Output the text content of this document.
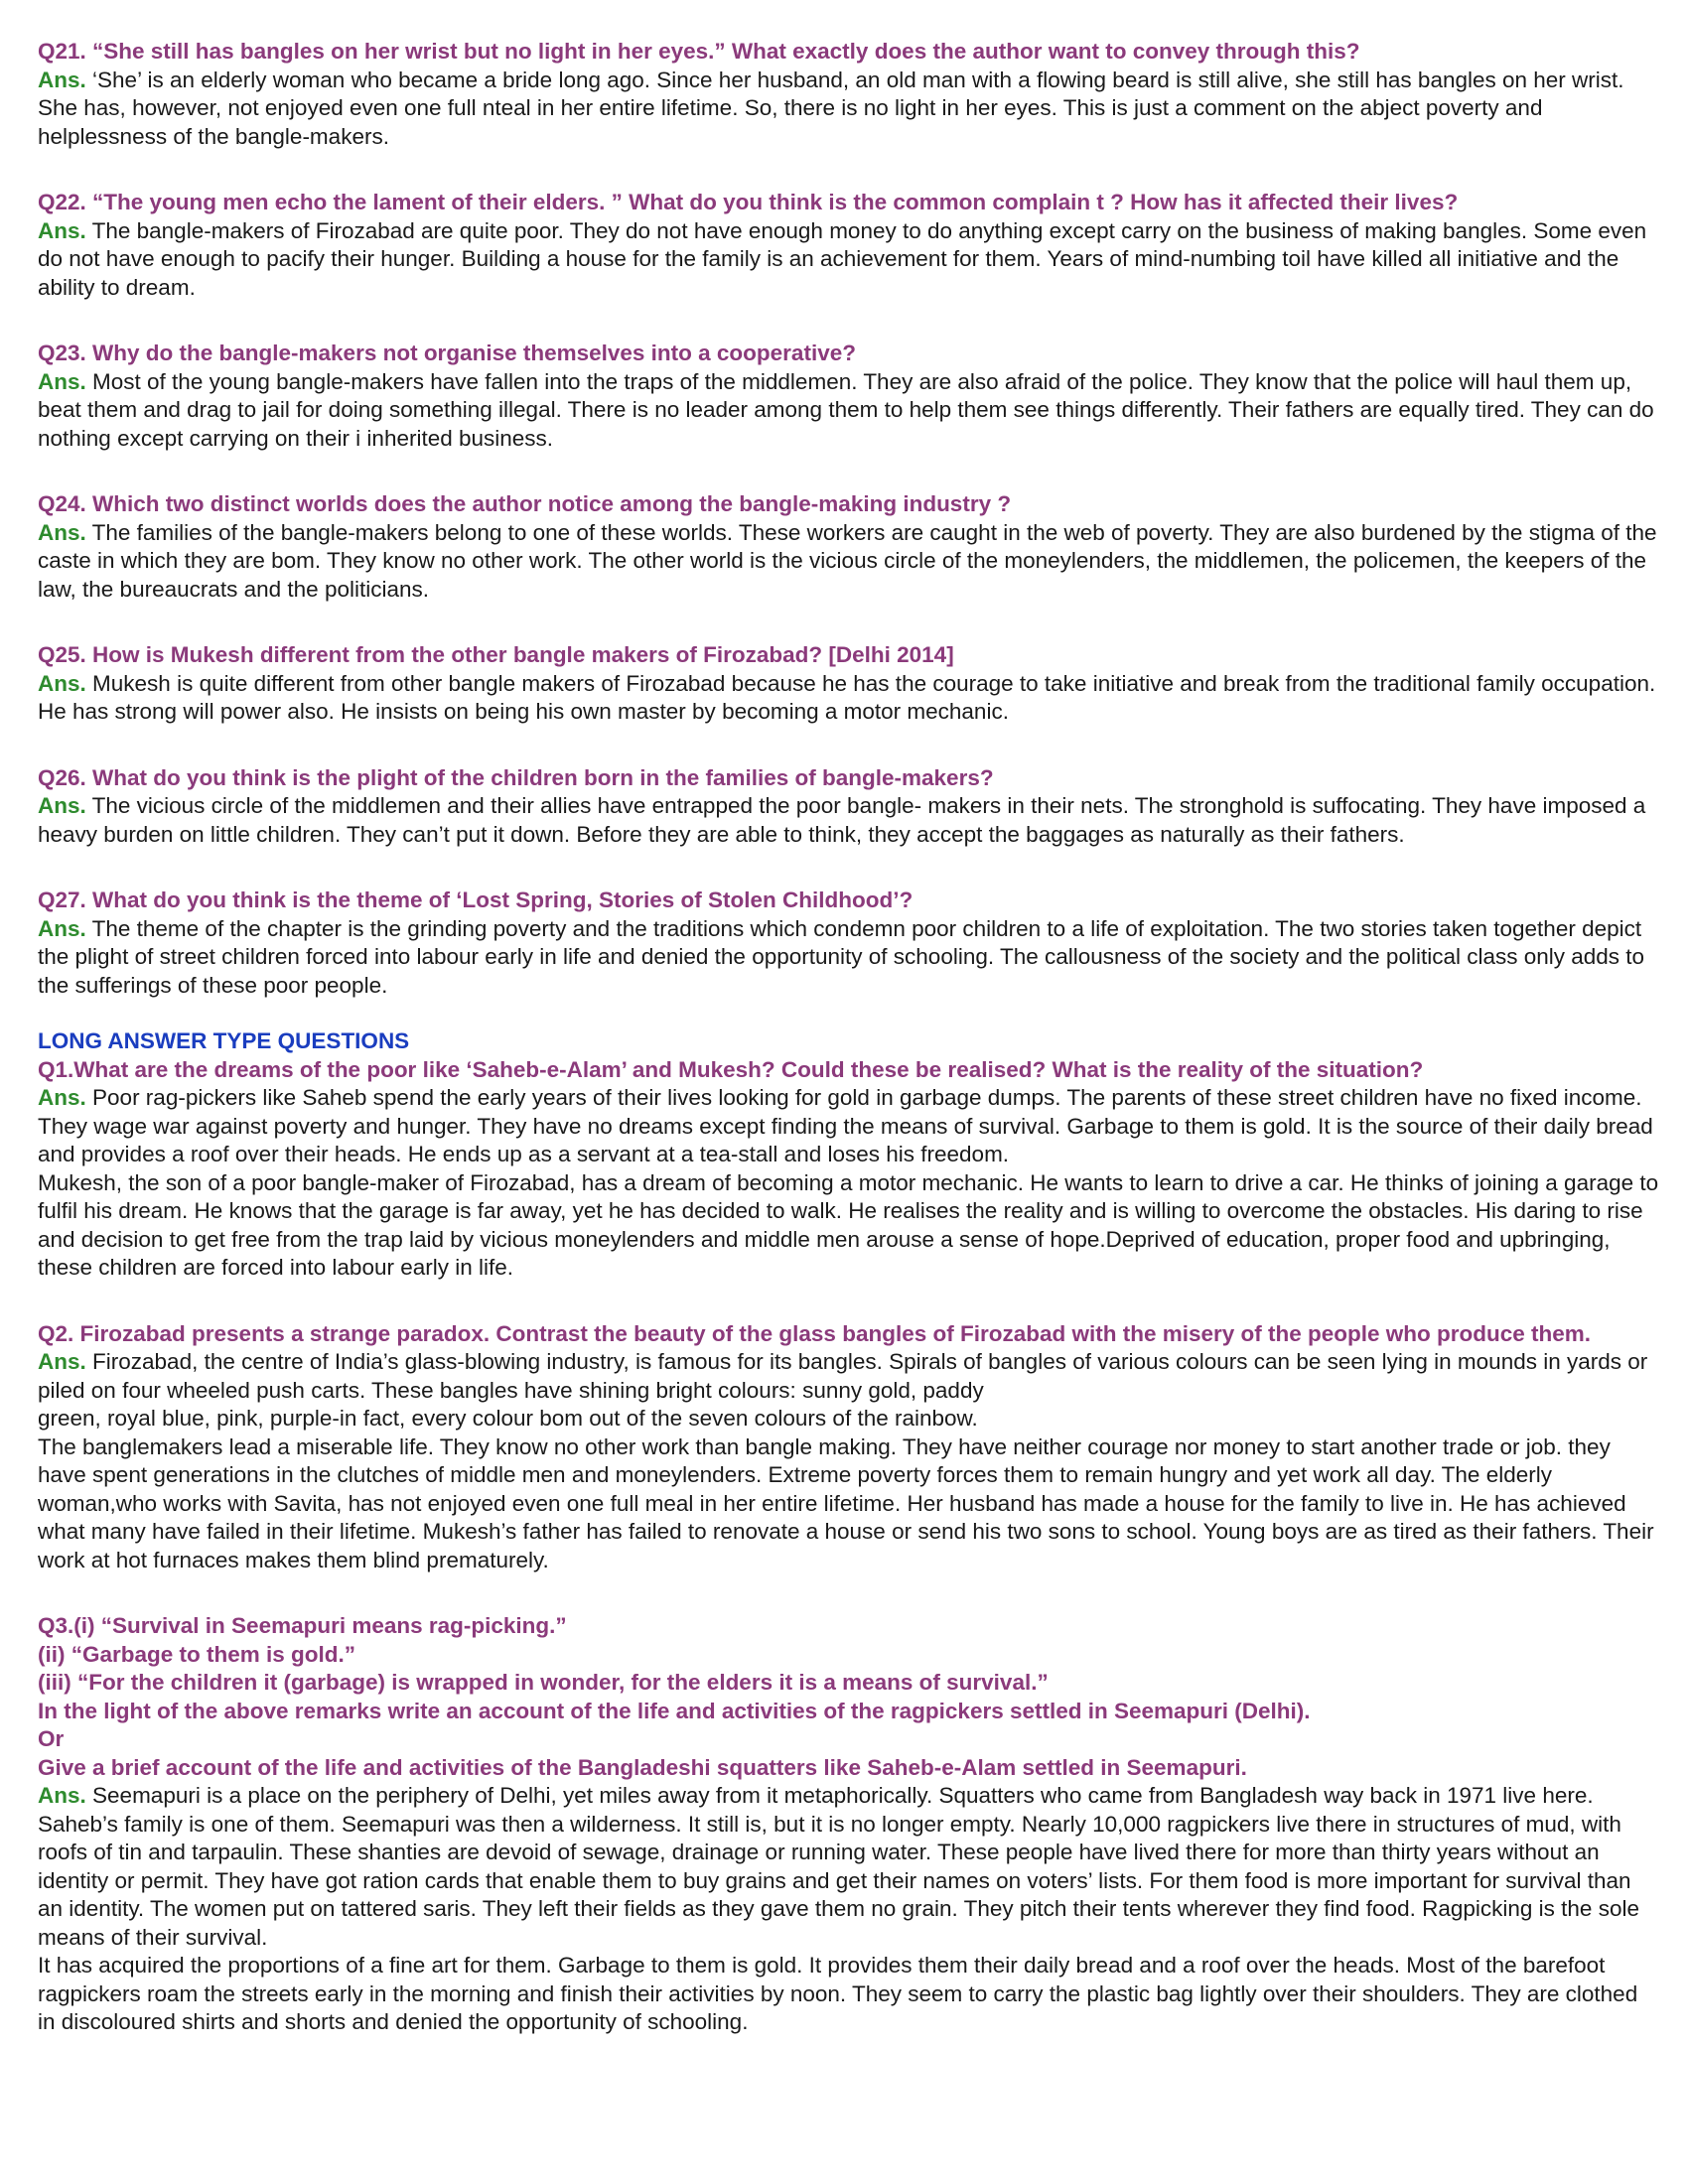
Q21. “She still has bangles on her wrist but no light in her eyes.” What exactly does the author want to convey through this?

Ans. ‘She’ is an elderly woman who became a bride long ago. Since her husband, an old man with a flowing beard is still alive, she still has bangles on her wrist. She has, however, not enjoyed even one full nteal in her entire lifetime. So, there is no light in her eyes. This is just a comment on the abject poverty and helplessness of the bangle-makers.

Q22. “The young men echo the lament of their elders. ” What do you think is the common complain t ? How has it affected their lives?

Ans. The bangle-makers of Firozabad are quite poor. They do not have enough money to do anything except carry on the business of making bangles. Some even do not have enough to pacify their hunger. Building a house for the family is an achievement for them. Years of mind-numbing toil have killed all initiative and the ability to dream.

Q23. Why do the bangle-makers not organise themselves into a cooperative?

Ans. Most of the young bangle-makers have fallen into the traps of the middlemen. They are also afraid of the police. They know that the police will haul them up, beat them and drag to jail for doing something illegal. There is no leader among them to help them see things differently. Their fathers are equally tired. They can do nothing except carrying on their i inherited business.

Q24. Which two distinct worlds does the author notice among the bangle-making industry ?

Ans. The families of the bangle-makers belong to one of these worlds. These workers are caught in the web of poverty. They are also burdened by the stigma of the caste in which they are bom. They know no other work. The other world is the vicious circle of the moneylenders, the middlemen, the policemen, the keepers of the law, the bureaucrats and the politicians.

Q25. How is Mukesh different from the other bangle makers of Firozabad? [Delhi 2014]

Ans. Mukesh is quite different from other bangle makers of Firozabad because he has the courage to take initiative and break from the traditional family occupation. He has strong will power also. He insists on being his own master by becoming a motor mechanic.

Q26. What do you think is the plight of the children born in the families of bangle-makers?

Ans. The vicious circle of the middlemen and their allies have entrapped the poor bangle- makers in their nets. The stronghold is suffocating. They have imposed a heavy burden on little children. They can’t put it down. Before they are able to think, they accept the baggages as naturally as their fathers.

Q27. What do you think is the theme of ‘Lost Spring, Stories of Stolen Childhood’?

Ans. The theme of the chapter is the grinding poverty and the traditions which condemn poor children to a life of exploitation. The two stories taken together depict the plight of street children forced into labour early in life and denied the opportunity of schooling. The callousness of the society and the political class only adds to the sufferings of these poor people.

LONG ANSWER TYPE QUESTIONS

Q1.What are the dreams of the poor like ‘Saheb-e-Alam’ and Mukesh? Could these be realised? What is the reality of the situation?

Ans. Poor rag-pickers like Saheb spend the early years of their lives looking for gold in garbage dumps. The parents of these street children have no fixed income. They wage war against poverty and hunger. They have no dreams except finding the means of survival. Garbage to them is gold. It is the source of their daily bread and provides a roof over their heads. He ends up as a servant at a tea-stall and loses his freedom.

Mukesh, the son of a poor bangle-maker of Firozabad, has a dream of becoming a motor mechanic. He wants to learn to drive a car. He thinks of joining a garage to fulfil his dream. He knows that the garage is far away, yet he has decided to walk. He realises the reality and is willing to overcome the obstacles. His daring to rise and decision to get free from the trap laid by vicious moneylenders and middle men arouse a sense of hope.Deprived of education, proper food and upbringing, these children are forced into labour early in life.

Q2. Firozabad presents a strange paradox. Contrast the beauty of the glass bangles of Firozabad with the misery of the people who produce them.

Ans. Firozabad, the centre of India’s glass-blowing industry, is famous for its bangles. Spirals of bangles of various colours can be seen lying in mounds in yards or piled on four wheeled push carts. These bangles have shining bright colours: sunny gold, paddy

green, royal blue, pink, purple-in fact, every colour bom out of the seven colours of the rainbow.

The banglemakers lead a miserable life. They know no other work than bangle making. They have neither courage nor money to start another trade or job. they have spent generations in the clutches of middle men and moneylenders. Extreme poverty forces them to remain hungry and yet work all day. The elderly woman,who works with Savita, has not enjoyed even one full meal in her entire lifetime. Her husband has made a house for the family to live in. He has achieved what many have failed in their lifetime. Mukesh’s father has failed to renovate a house or send his two sons to school. Young boys are as tired as their fathers. Their work at hot furnaces makes them blind prematurely.

Q3.(i) “Survival in Seemapuri means rag-picking.”

(ii) “Garbage to them is gold.”

(iii) “For the children it (garbage) is wrapped in wonder, for the elders it is a means of survival.”

In the light of the above remarks write an account of the life and activities of the ragpickers settled in Seemapuri (Delhi).

Or

Give a brief account of the life and activities of the Bangladeshi squatters like Saheb-e-Alam settled in Seemapuri.

Ans. Seemapuri is a place on the periphery of Delhi, yet miles away from it metaphorically. Squatters who came from Bangladesh way back in 1971 live here. Saheb’s family is one of them. Seemapuri was then a wilderness. It still is, but it is no longer empty. Nearly 10,000 ragpickers live there in structures of mud, with roofs of tin and tarpaulin. These shanties are devoid of sewage, drainage or running water. These people have lived there for more than thirty years without an identity or permit. They have got ration cards that enable them to buy grains and get their names on voters’ lists. For them food is more important for survival than an identity. The women put on tattered saris. They left their fields as they gave them no grain. They pitch their tents wherever they find food. Ragpicking is the sole means of their survival.

It has acquired the proportions of a fine art for them. Garbage to them is gold. It provides them their daily bread and a roof over the heads. Most of the barefoot ragpickers roam the streets early in the morning and finish their activities by noon. They seem to carry the plastic bag lightly over their shoulders. They are clothed in discoloured shirts and shorts and denied the opportunity of schooling.
